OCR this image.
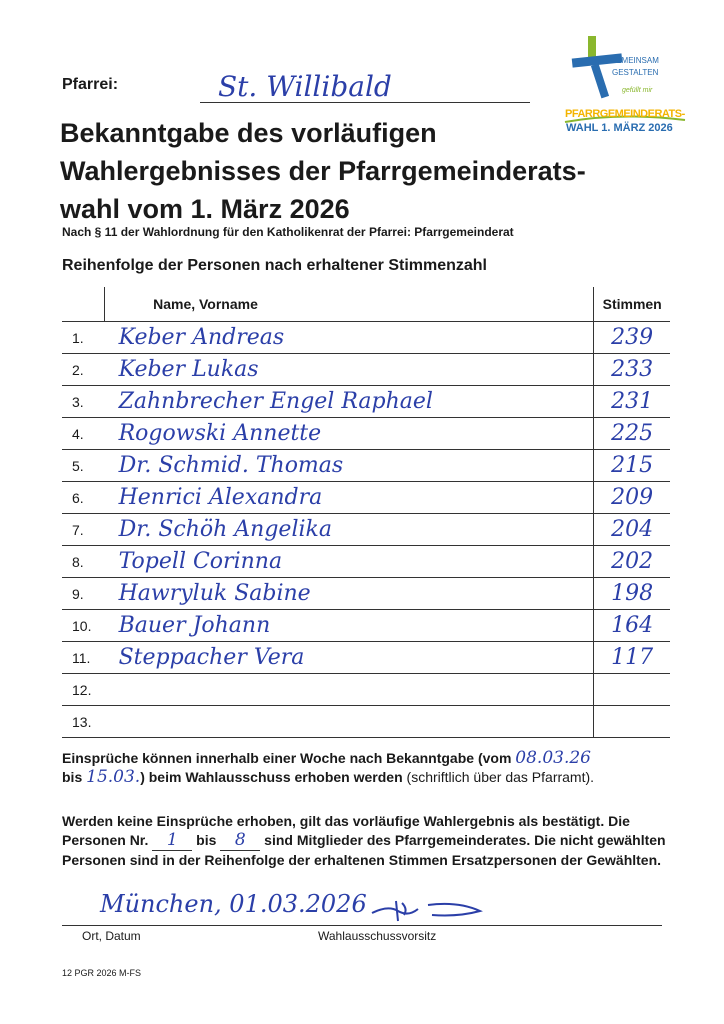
Pfarrei:	St. Willibald
GEMEINSAM
GESTALTEN
gefüllt mir
PFARRGEMEINDERATS-
WAHL 1. MÄRZ 2026
Bekanntgabe des vorläufigen
Wahlergebnisses der Pfarrgemeinderats-
wahl vom 1. März 2026
Nach § 11 der Wahlordnung für den Katholikenrat der Pfarrei: Pfarrgemeinderat
Reihenfolge der Personen nach erhaltener Stimmenzahl
	Name, Vorname	Stimmen
1.	Keber Andreas	239
2.	Keber Lukas	233
3.	Zahnbrecher Engel Raphael	231
4.	Rogowski Annette	225
5.	Dr. Schmid. Thomas	215
6.	Henrici Alexandra	209
7.	Dr. Schöh Angelika	204
8.	Topell Corinna	202
9.	Hawryluk Sabine	198
10.	Bauer Johann	164
11.	Steppacher Vera	117
12.		
13.		
Einsprüche können innerhalb einer Woche nach Bekanntgabe (vom 08.03.26
bis 15.03.) beim Wahlausschuss erhoben werden (schriftlich über das Pfarramt).
Werden keine Einsprüche erhoben, gilt das vorläufige Wahlergebnis als bestätigt. Die Personen Nr. 1 bis 8 sind Mitglieder des Pfarrgemeinderates. Die nicht gewählten Personen sind in der Reihenfolge der erhaltenen Stimmen Ersatzpersonen der Gewählten.
München, 01.03.2026
Ort, Datum	Wahlausschussvorsitz
12 PGR 2026 M-FS
